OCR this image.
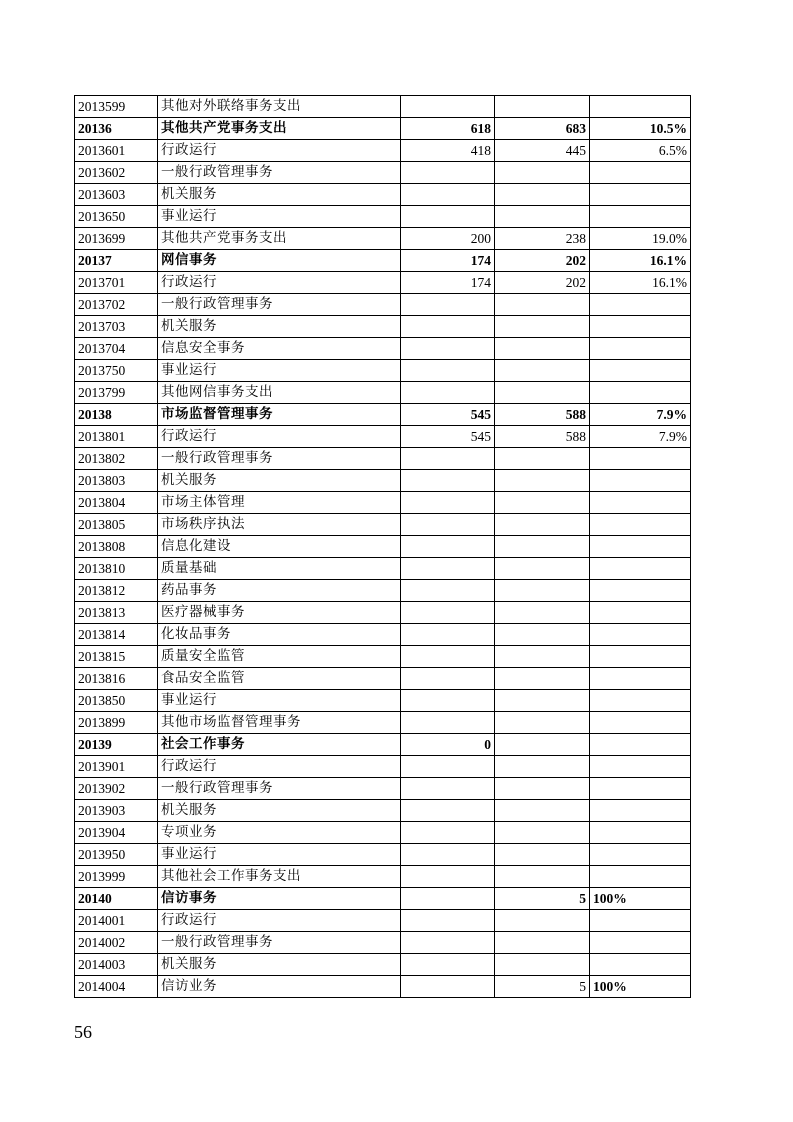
2013599	其他对外联络事务支出			
20136	其他共产党事务支出	618	683	10.5%
2013601	行政运行	418	445	6.5%
2013602	一般行政管理事务			
2013603	机关服务			
2013650	事业运行			
2013699	其他共产党事务支出	200	238	19.0%
20137	网信事务	174	202	16.1%
2013701	行政运行	174	202	16.1%
2013702	一般行政管理事务			
2013703	机关服务			
2013704	信息安全事务			
2013750	事业运行			
2013799	其他网信事务支出			
20138	市场监督管理事务	545	588	7.9%
2013801	行政运行	545	588	7.9%
2013802	一般行政管理事务			
2013803	机关服务			
2013804	市场主体管理			
2013805	市场秩序执法			
2013808	信息化建设			
2013810	质量基础			
2013812	药品事务			
2013813	医疗器械事务			
2013814	化妆品事务			
2013815	质量安全监管			
2013816	食品安全监管			
2013850	事业运行			
2013899	其他市场监督管理事务			
20139	社会工作事务	0		
2013901	行政运行			
2013902	一般行政管理事务			
2013903	机关服务			
2013904	专项业务			
2013950	事业运行			
2013999	其他社会工作事务支出			
20140	信访事务		5	100%
2014001	行政运行			
2014002	一般行政管理事务			
2014003	机关服务			
2014004	信访业务		5	100%
56
